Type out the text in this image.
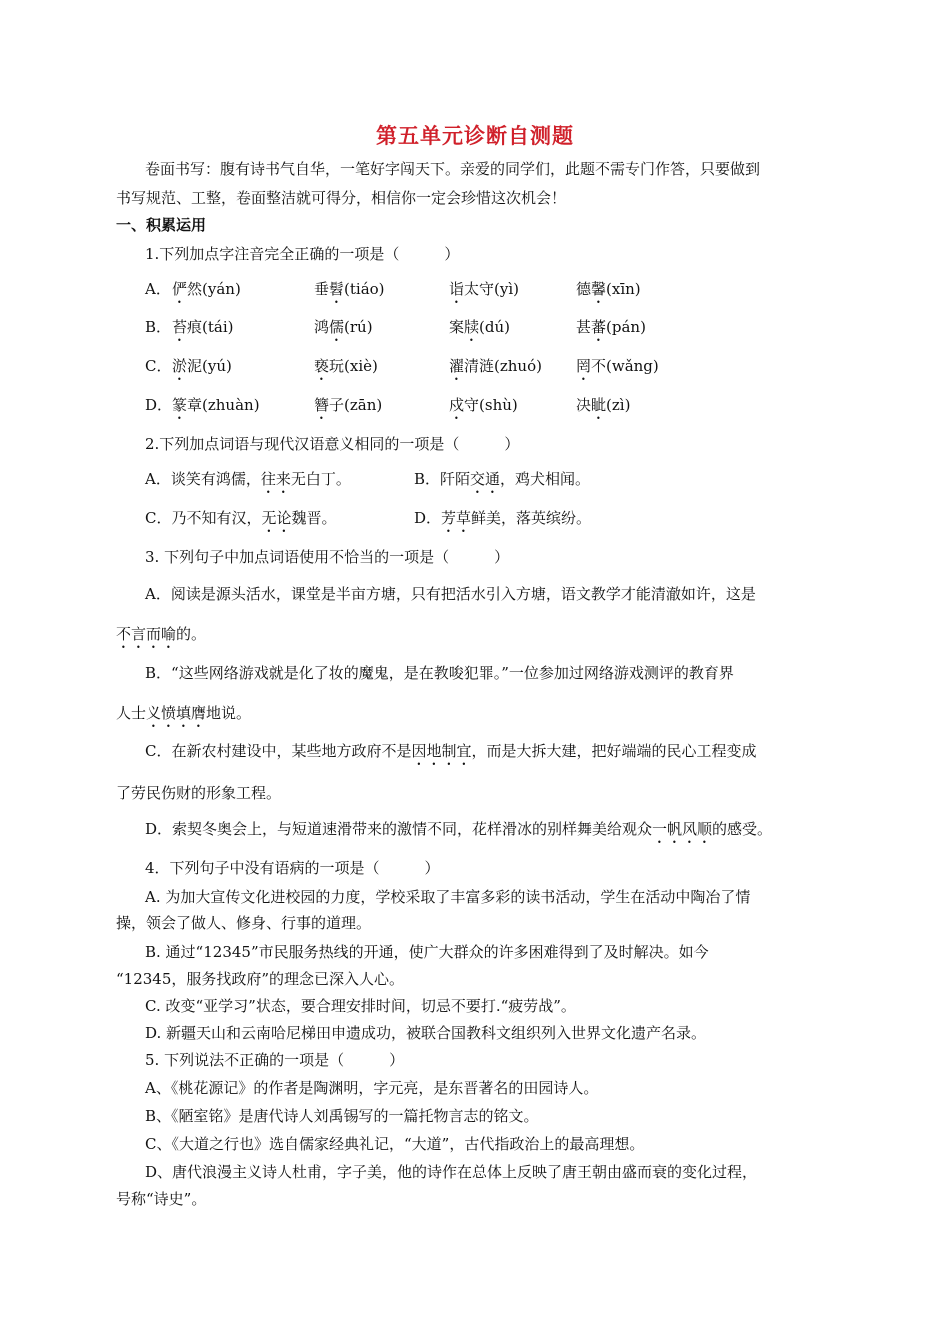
第五单元诊断自测题
卷面书写：腹有诗书气自华，一笔好字闯天下。亲爱的同学们，此题不需专门作答，只要做到
书写规范、工整，卷面整洁就可得分，相信你一定会珍惜这次机会！
一、积累运用
1.下列加点字注音完全正确的一项是（　　　）
A． 俨然(yán)	垂髫(tiáo)	诣太守(yì)	德馨(xīn)
B． 苔痕(tái)	鸿儒(rú)	案牍(dú)	甚蕃(pán)
C． 淤泥(yú)	亵玩(xiè)	濯清涟(zhuó) 罔不(wǎng)
D． 篆章(zhuàn)	簪子(zān)	戍守(shù)	决眦(zì)
2.下列加点词语与现代汉语意义相同的一项是（　　　）
A．谈笑有鸿儒，往来无白丁。	B．阡陌交通，鸡犬相闻。
C．乃不知有汉，无论魏晋。	D．芳草鲜美，落英缤纷。
3. 下列句子中加点词语使用不恰当的一项是（　　　）
A．阅读是源头活水，课堂是半亩方塘，只有把活水引入方塘，语文教学才能清澈如许，这是
不言而喻的。
B．“这些网络游戏就是化了妆的魔鬼，是在教唆犯罪。”一位参加过网络游戏测评的教育界
人士义愤填膺地说。
C．在新农村建设中，某些地方政府不是因地制宜，而是大拆大建，把好端端的民心工程变成
了劳民伤财的形象工程。
D．索契冬奥会上，与短道速滑带来的激情不同，花样滑冰的别样舞美给观众一帆风顺的感受。
4．下列句子中没有语病的一项是（　　　）
A. 为加大宣传文化进校园的力度，学校采取了丰富多彩的读书活动，学生在活动中陶冶了情
操，领会了做人、修身、行事的道理。
B. 通过“12345”市民服务热线的开通，使广大群众的许多困难得到了及时解决。如今
“12345，服务找政府”的理念已深入人心。
C. 改变“亚学习”状态，要合理安排时间，切忌不要打.“疲劳战”。
D. 新疆天山和云南哈尼梯田申遗成功，被联合国教科文组织列入世界文化遗产名录。
5. 下列说法不正确的一项是（　　　）
A、《桃花源记》的作者是陶渊明，字元亮，是东晋著名的田园诗人。
B、《陋室铭》是唐代诗人刘禹锡写的一篇托物言志的铭文。
C、《大道之行也》选自儒家经典礼记，“大道”，古代指政治上的最高理想。
D、唐代浪漫主义诗人杜甫，字子美，他的诗作在总体上反映了唐王朝由盛而衰的变化过程，
号称“诗史”。
